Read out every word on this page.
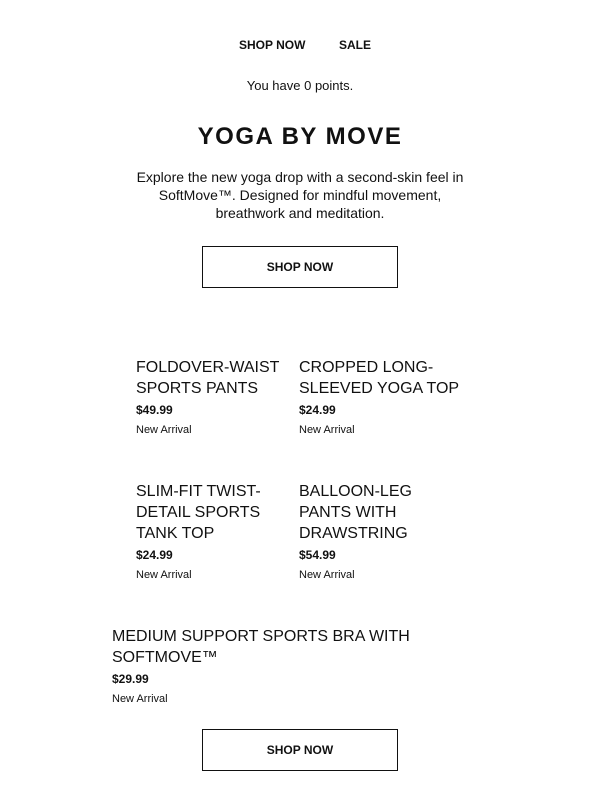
SHOP NOW	SALE
You have 0 points.
YOGA BY MOVE

Explore the new yoga drop with a second-skin feel in SoftMove™. Designed for mindful movement, breathwork and meditation.

SHOP NOW
FOLDOVER-WAIST SPORTS PANTS
$49.99
New Arrival
CROPPED LONG-SLEEVED YOGA TOP
$24.99
New Arrival
SLIM-FIT TWIST-DETAIL SPORTS TANK TOP
$24.99
New Arrival
BALLOON-LEG PANTS WITH DRAWSTRING
$54.99
New Arrival
MEDIUM SUPPORT SPORTS BRA WITH SOFTMOVE™
$29.99
New Arrival
SHOP NOW
